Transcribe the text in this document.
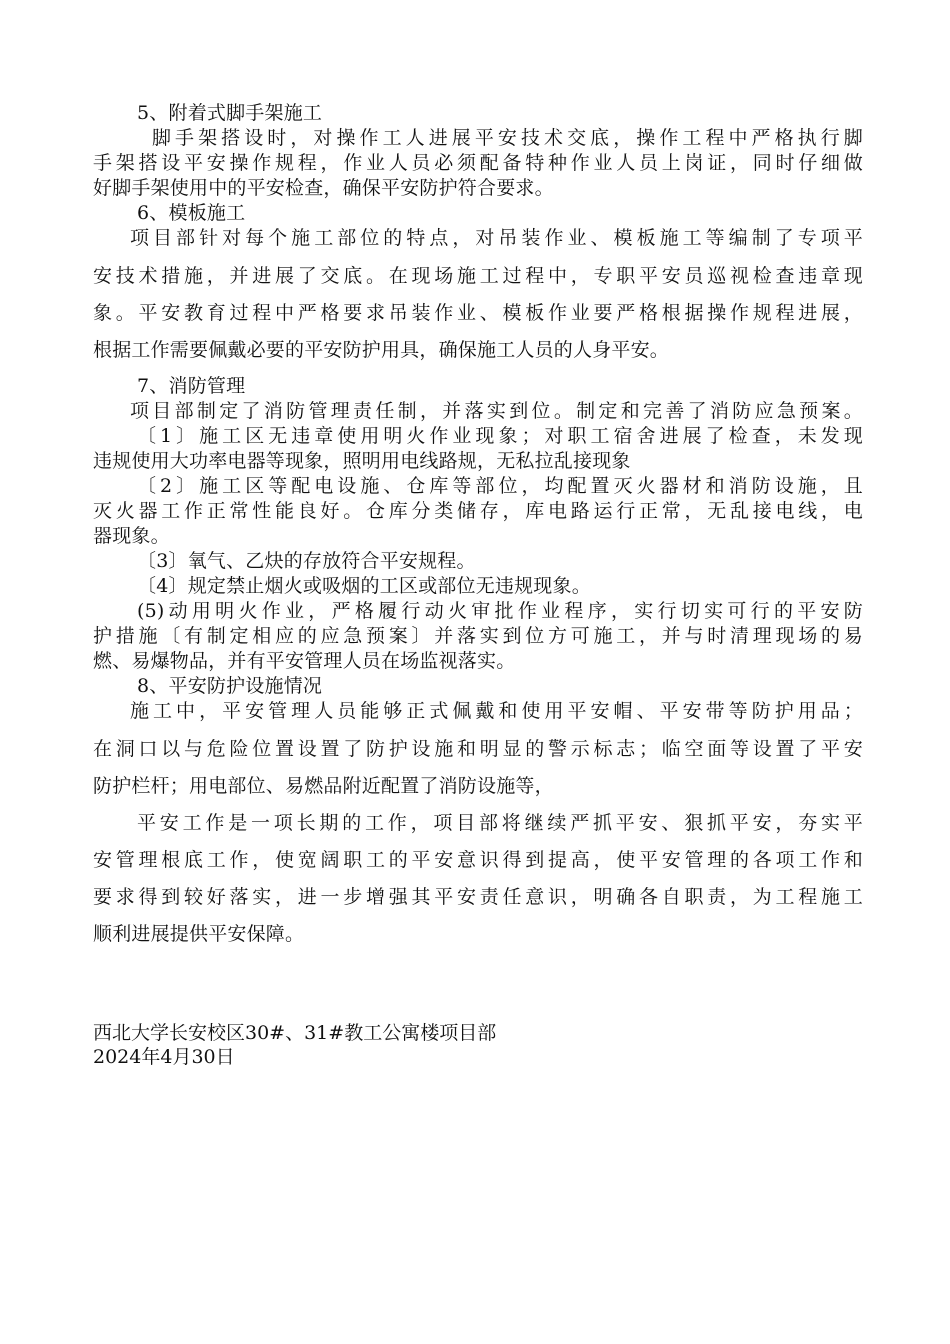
5、附着式脚手架施工
脚手架搭设时，对操作工人进展平安技术交底，操作工程中严格执行脚
手架搭设平安操作规程，作业人员必须配备特种作业人员上岗证，同时仔细做
好脚手架使用中的平安检查，确保平安防护符合要求。
6、模板施工
项目部针对每个施工部位的特点，对吊装作业、模板施工等编制了专项平
安技术措施，并进展了交底。在现场施工过程中，专职平安员巡视检查违章现
象。平安教育过程中严格要求吊装作业、模板作业要严格根据操作规程进展，
根据工作需要佩戴必要的平安防护用具，确保施工人员的人身平安。
7、消防管理
项目部制定了消防管理责任制，并落实到位。制定和完善了消防应急预案。
〔1〕施工区无违章使用明火作业现象；对职工宿舍进展了检查，未发现
违规使用大功率电器等现象，照明用电线路规，无私拉乱接现象
〔2〕施工区等配电设施、仓库等部位，均配置灭火器材和消防设施，且
灭火器工作正常性能良好。仓库分类储存，库电路运行正常，无乱接电线，电
器现象。
〔3〕氧气、乙炔的存放符合平安规程。
〔4〕规定禁止烟火或吸烟的工区或部位无违规现象。
(5)动用明火作业，严格履行动火审批作业程序，实行切实可行的平安防
护措施〔有制定相应的应急预案〕并落实到位方可施工，并与时清理现场的易
燃、易爆物品，并有平安管理人员在场监视落实。
8、平安防护设施情况
施工中，平安管理人员能够正式佩戴和使用平安帽、平安带等防护用品；
在洞口以与危险位置设置了防护设施和明显的警示标志；临空面等设置了平安
防护栏杆；用电部位、易燃品附近配置了消防设施等，
平安工作是一项长期的工作，项目部将继续严抓平安、狠抓平安，夯实平
安管理根底工作，使宽阔职工的平安意识得到提高，使平安管理的各项工作和
要求得到较好落实，进一步增强其平安责任意识，明确各自职责，为工程施工
顺利进展提供平安保障。
西北大学长安校区30#、31#教工公寓楼项目部
2024年4月30日
